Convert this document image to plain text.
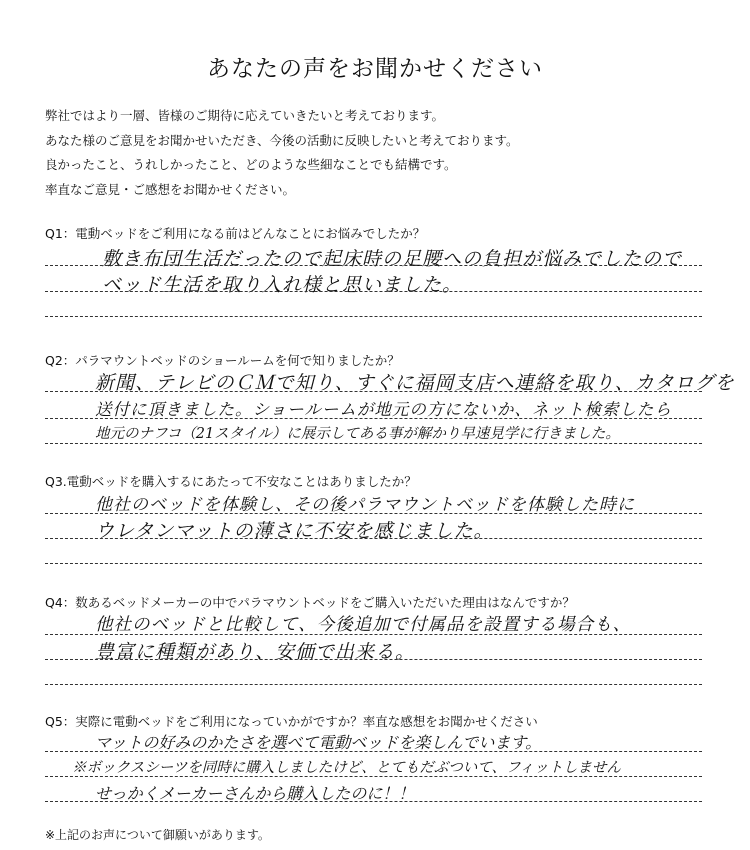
あなたの声をお聞かせください
弊社ではより一層、皆様のご期待に応えていきたいと考えております。
あなた様のご意見をお聞かせいただき、今後の活動に反映したいと考えております。
良かったこと、うれしかったこと、どのような些細なことでも結構です。
率直なご意見・ご感想をお聞かせください。
Q1：電動ベッドをご利用になる前はどんなことにお悩みでしたか？
敷き布団生活だったので起床時の足腰への負担が悩みでしたので
ベッド生活を取り入れ様と思いました。
Q2：パラマウントベッドのショールームを何で知りましたか？
新聞、テレビのＣＭで知り、すぐに福岡支店へ連絡を取り、カタログを
送付に頂きました。ショールームが地元の方にないか、ネット検索したら
地元のナフコ（21スタイル）に展示してある事が解かり早速見学に行きました。
Q3.電動ベッドを購入するにあたって不安なことはありましたか？
他社のベッドを体験し、その後パラマウントベッドを体験した時に
ウレタンマットの薄さに不安を感じました。
Q4：数あるベッドメーカーの中でパラマウントベッドをご購入いただいた理由はなんですか？
他社のベッドと比較して、今後追加で付属品を設置する場合も、
豊富に種類があり、安価で出来る。
Q5：実際に電動ベッドをご利用になっていかがですか？率直な感想をお聞かせください
マットの好みのかたさを選べて電動ベッドを楽しんでいます。
※ボックスシーツを同時に購入しましたけど、とてもだぶついて、フィットしません
せっかくメーカーさんから購入したのに！！
※上記のお声について御願いがあります。
